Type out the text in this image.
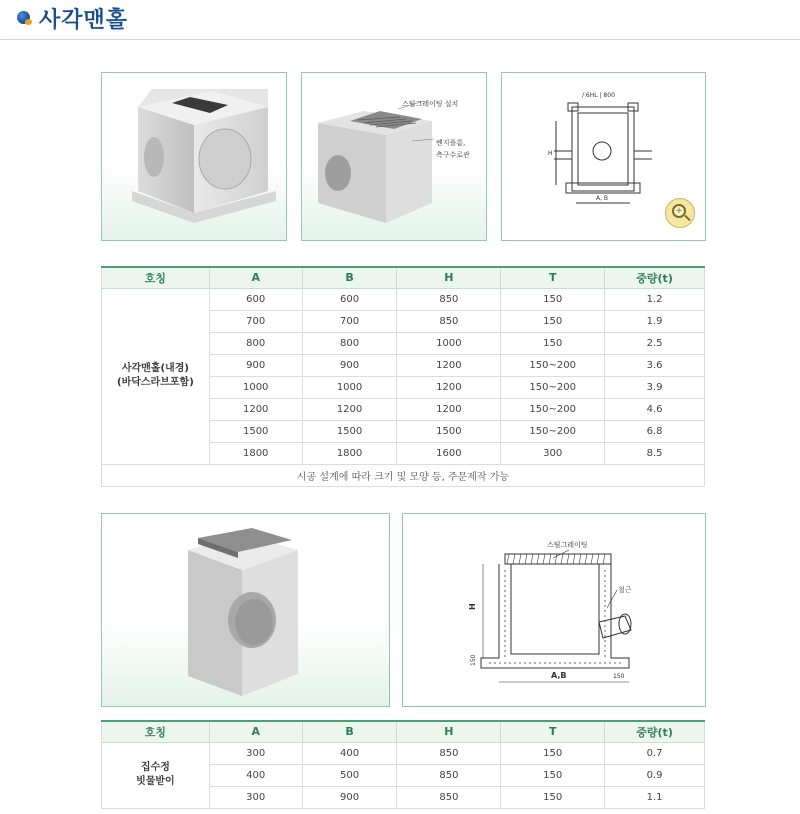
사각맨홀
스틸그레이팅 설치
벤지플름,
측구수로관
/ 6HL | 800
A, B
H
+
호칭	A	B	H	T	중량(t)

사각맨홀(내경)
(바닥스라브포함)	600	600	850	150	1.2
	700	700	850	150	1.9
	800	800	1000	150	2.5
	900	900	1200	150~200	3.6
	1000	1000	1200	150~200	3.9
	1200	1200	1200	150~200	4.6
	1500	1500	1500	150~200	6.8
	1800	1800	1600	300	8.5
시공 설계에 따라 크기 및 모양 등, 주문제작 가능					
스틸그레이팅
철근
H
150
A,B	150
호칭	A	B	H	T	중량(t)

집수정
빗물받이	300	400	850	150	0.7
	400	500	850	150	0.9
	300	900	850	150	1.1
